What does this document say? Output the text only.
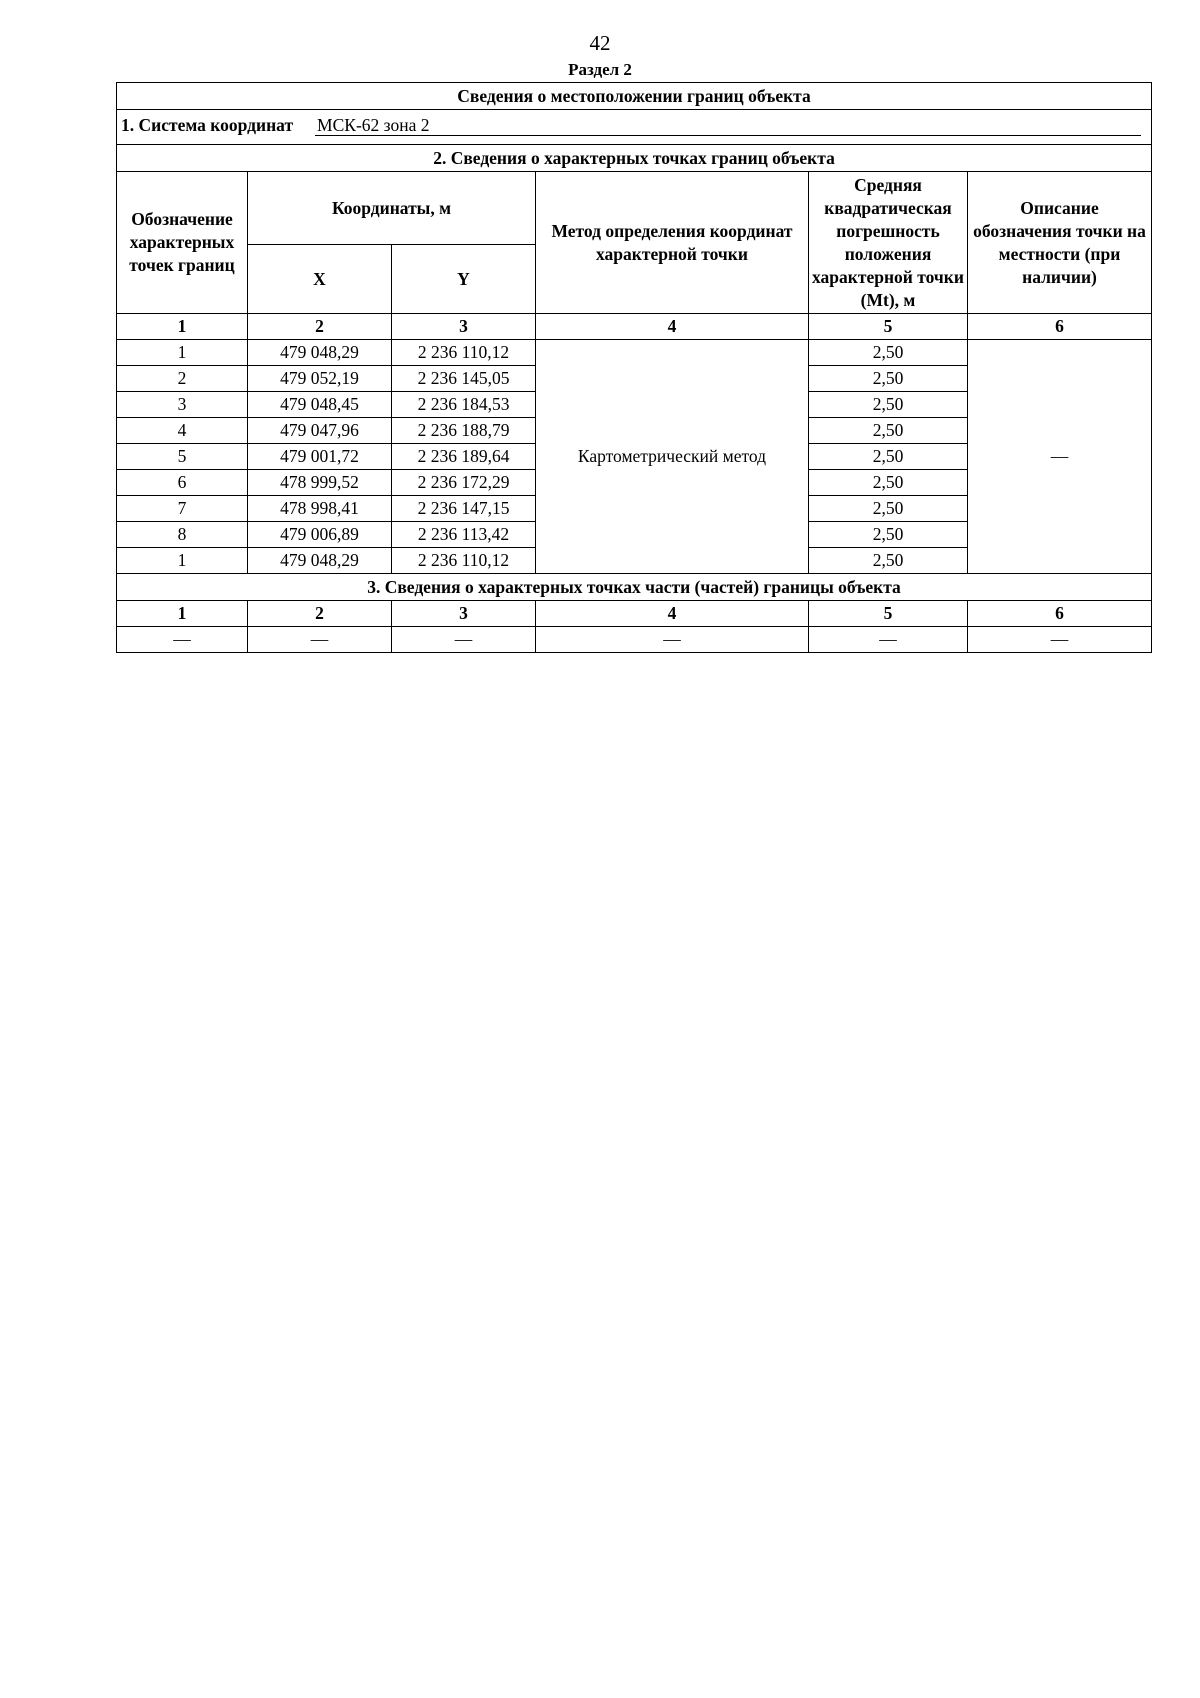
42
Раздел 2
Сведения о местоположении границ объекта					

1. Система координат МСК-62 зона 2					

2. Сведения о характерных точках границ объекта					
Обозначение характерных точек границ	Координаты, м		Метод определения координат характерной точки	Средняя квадратическая погрешность положения характерной точки (Mt), м	Описание обозначения точки на местности (при наличии)
	X	Y			
1	2	3	4	5	6
1	479 048,29	2 236 110,12	Картометрический метод	2,50	—
2	479 052,19	2 236 145,05		2,50	
3	479 048,45	2 236 184,53		2,50	
4	479 047,96	2 236 188,79		2,50	
5	479 001,72	2 236 189,64		2,50	
6	478 999,52	2 236 172,29		2,50	
7	478 998,41	2 236 147,15		2,50	
8	479 006,89	2 236 113,42		2,50	
1	479 048,29	2 236 110,12		2,50	
3. Сведения о характерных точках части (частей) границы объекта					
1	2	3	4	5	6
—	—	—	—	—	—
